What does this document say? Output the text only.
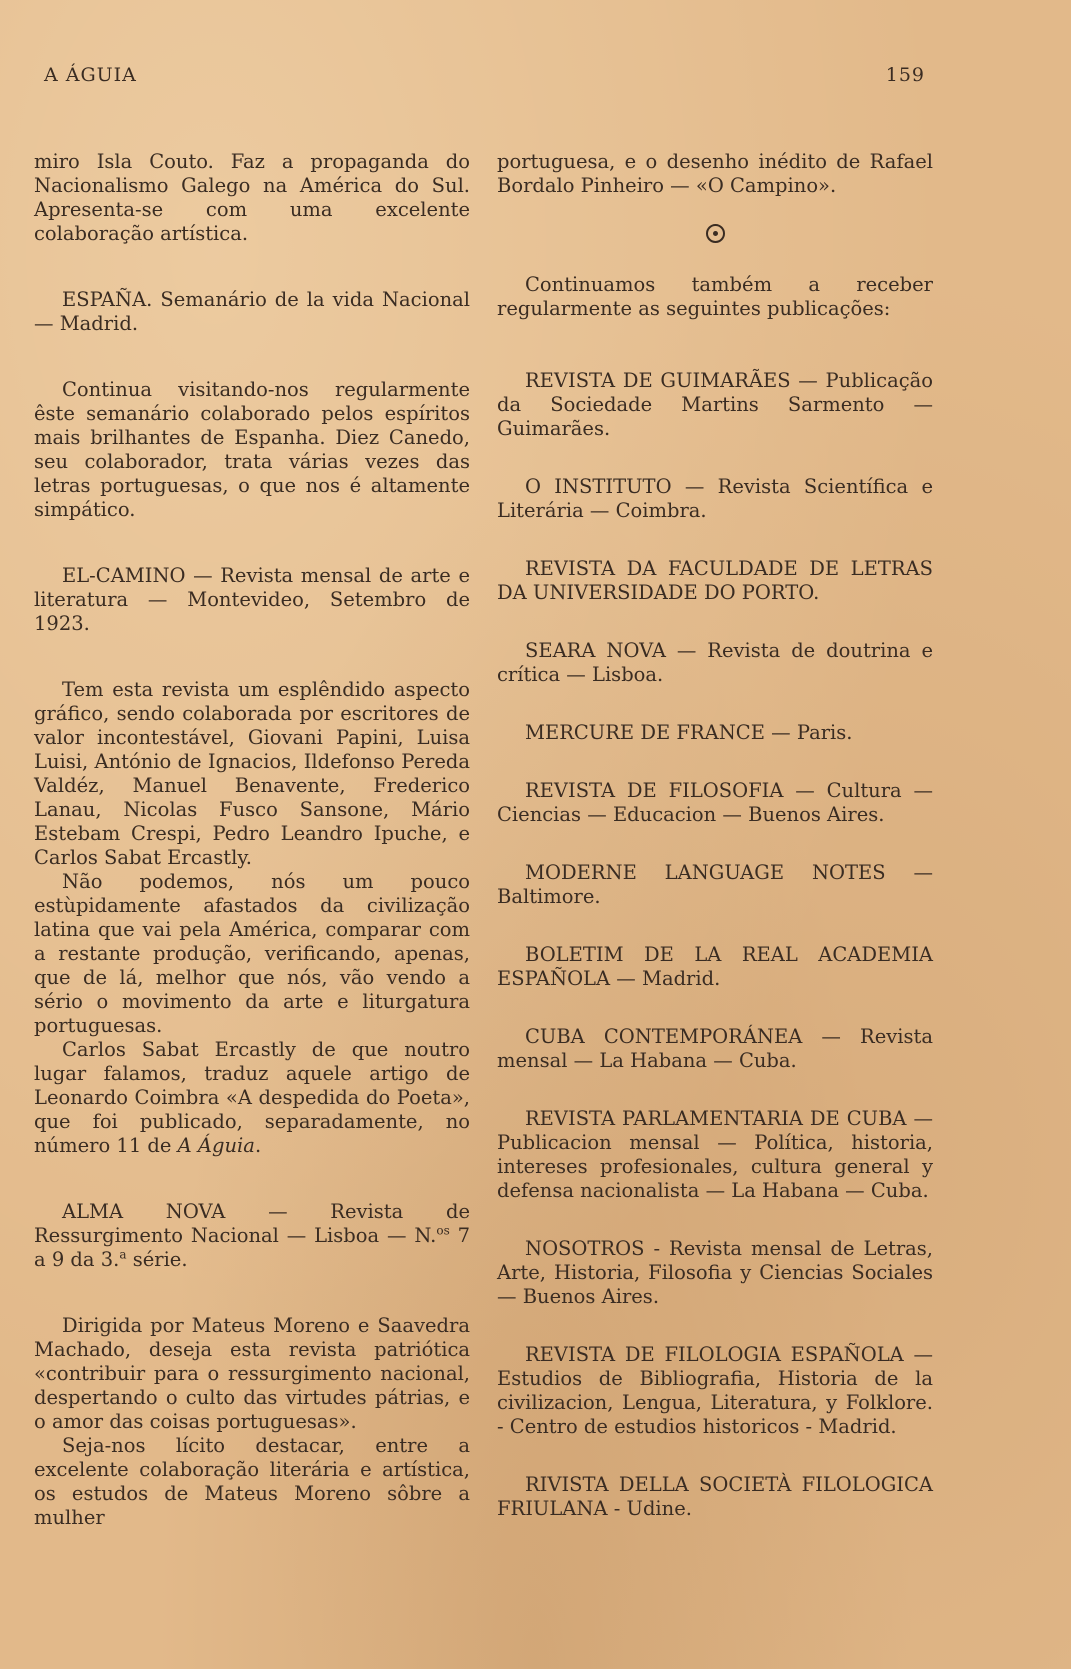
A ÁGUIA	159

miro Isla Couto. Faz a propaganda do Nacionalismo Galego na América do Sul. Apresenta-se com uma excelente colaboração artística.

ESPAÑA. Semanário de la vida Nacional — Madrid.

Continua visitando-nos regularmente êste semanário colaborado pelos espíritos mais brilhantes de Espanha. Diez Canedo, seu colaborador, trata várias vezes das letras portuguesas, o que nos é altamente simpático.

EL-CAMINO — Revista mensal de arte e literatura — Montevideo, Setembro de 1923.

Tem esta revista um esplêndido aspecto gráfico, sendo colaborada por escritores de valor incontestável, Giovani Papini, Luisa Luisi, António de Ignacios, Ildefonso Pereda Valdéz, Manuel Benavente, Frederico Lanau, Nicolas Fusco Sansone, Mário Estebam Crespi, Pedro Leandro Ipuche, e Carlos Sabat Ercastly.

Não podemos, nós um pouco estùpidamente afastados da civilização latina que vai pela América, comparar com a restante produção, verificando, apenas, que de lá, melhor que nós, vão vendo a sério o movimento da arte e liturgatura portuguesas.

Carlos Sabat Ercastly de que noutro lugar falamos, traduz aquele artigo de Leonardo Coimbra «A despedida do Poeta», que foi publicado, separadamente, no número 11 de A Águia.

ALMA NOVA — Revista de Ressurgimento Nacional — Lisboa — N.$^{os}$ 7 a 9 da 3.$^a$ série.

Dirigida por Mateus Moreno e Saavedra Machado, deseja esta revista patriótica «contribuir para o ressurgimento nacional, despertando o culto das virtudes pátrias, e o amor das coisas portuguesas».

Seja-nos lícito destacar, entre a excelente colaboração literária e artística, os estudos de Mateus Moreno sôbre a mulher

portuguesa, e o desenho inédito de Rafael Bordalo Pinheiro — «O Campino».

Continuamos também a receber regularmente as seguintes publicações:

REVISTA DE GUIMARÃES — Publicação da Sociedade Martins Sarmento — Guimarães.

O INSTITUTO — Revista Scientífica e Literária — Coimbra.

REVISTA DA FACULDADE DE LETRAS DA UNIVERSIDADE DO PORTO.

SEARA NOVA — Revista de doutrina e crítica — Lisboa.

MERCURE DE FRANCE — Paris.

REVISTA DE FILOSOFIA — Cultura — Ciencias — Educacion — Buenos Aires.

MODERNE LANGUAGE NOTES — Baltimore.

BOLETIM DE LA REAL ACADEMIA ESPAÑOLA — Madrid.

CUBA CONTEMPORÁNEA — Revista mensal — La Habana — Cuba.

REVISTA PARLAMENTARIA DE CUBA — Publicacion mensal — Política, historia, intereses profesionales, cultura general y defensa nacionalista — La Habana — Cuba.

NOSOTROS - Revista mensal de Letras, Arte, Historia, Filosofia y Ciencias Sociales — Buenos Aires.

REVISTA DE FILOLOGIA ESPAÑOLA — Estudios de Bibliografia, Historia de la civilizacion, Lengua, Literatura, y Folklore. - Centro de estudios historicos - Madrid.

RIVISTA DELLA SOCIETÀ FILOLOGICA FRIULANA - Udine.
